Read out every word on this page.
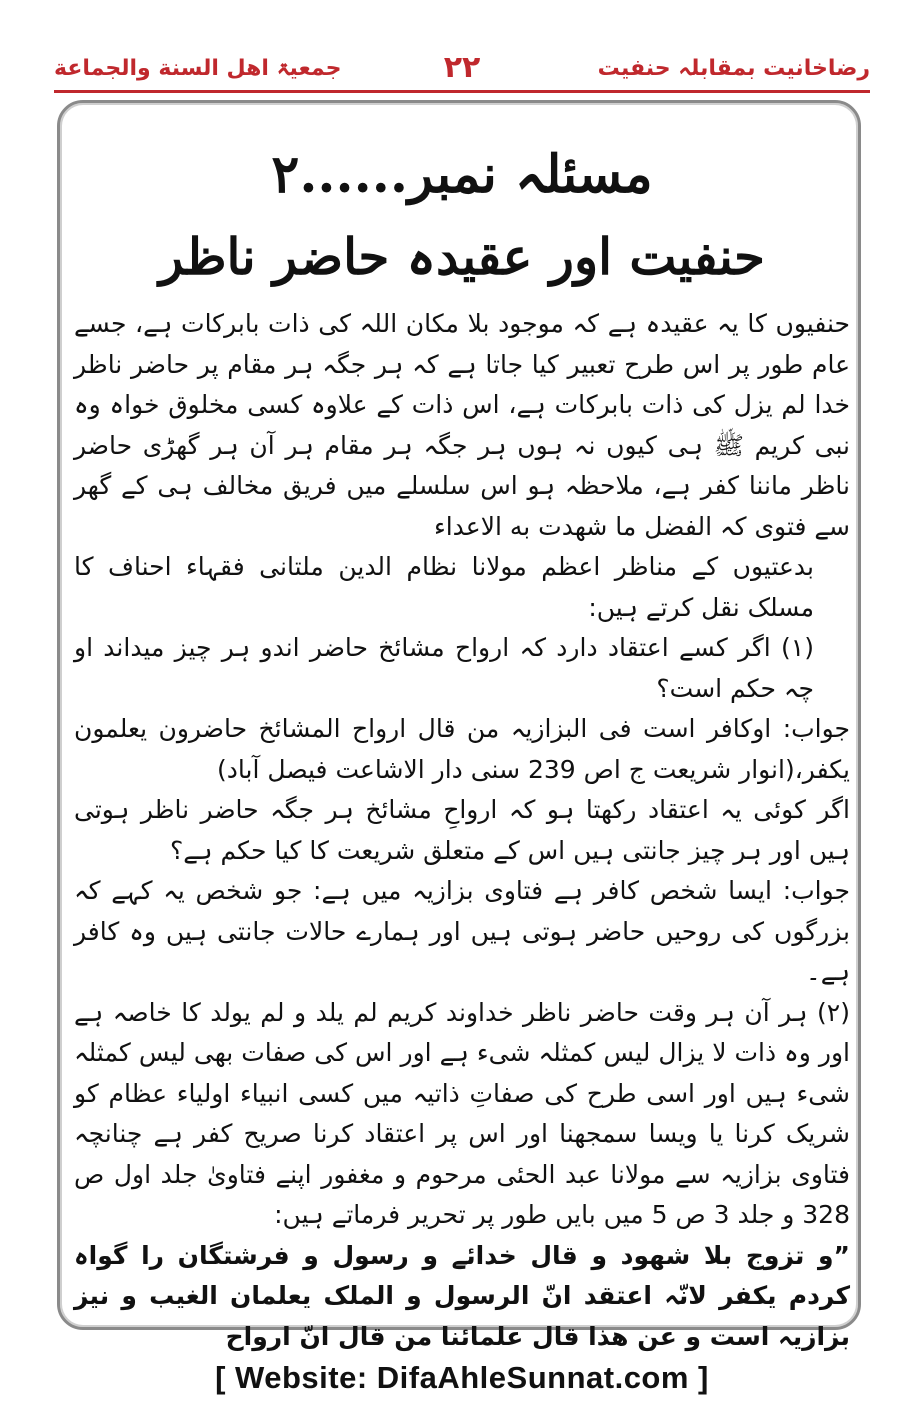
رضاخانیت بمقابلہ حنفیت
۲۲
جمعیۃ اهل السنة والجماعة
مسئلہ نمبر......۲
حنفیت اور عقیدہ حاضر ناظر

حنفیوں کا یہ عقیدہ ہے کہ موجود بلا مکان اللہ کی ذات بابرکات ہے، جسے عام طور پر اس طرح تعبیر کیا جاتا ہے کہ ہر جگہ ہر مقام پر حاضر ناظر خدا لم یزل کی ذات بابرکات ہے، اس ذات کے علاوہ کسی مخلوق خواہ وہ نبی کریم ﷺ ہی کیوں نہ ہوں ہر جگہ ہر مقام ہر آن ہر گھڑی حاضر ناظر ماننا کفر ہے، ملاحظہ ہو اس سلسلے میں فریق مخالف ہی کے گھر سے فتوی کہ الفضل ما شهدت به الاعداء

بدعتیوں کے مناظر اعظم مولانا نظام الدین ملتانی فقہاء احناف کا مسلک نقل کرتے ہیں:

(۱) اگر کسے اعتقاد دارد کہ ارواح مشائخ حاضر اندو ہر چیز میداند او چہ حکم است؟

جواب: اوکافر است فی البزازیہ من قال ارواح المشائخ حاضرون یعلمون یکفر،(انوار شریعت ج اص 239 سنی دار الاشاعت فیصل آباد)

اگر کوئی یہ اعتقاد رکھتا ہو کہ ارواحِ مشائخ ہر جگہ حاضر ناظر ہوتی ہیں اور ہر چیز جانتی ہیں اس کے متعلق شریعت کا کیا حکم ہے؟

جواب: ایسا شخص کافر ہے فتاوی بزازیہ میں ہے: جو شخص یہ کہے کہ بزرگوں کی روحیں حاضر ہوتی ہیں اور ہمارے حالات جانتی ہیں وہ کافر ہے۔

(۲) ہر آن ہر وقت حاضر ناظر خداوند کریم لم یلد و لم یولد کا خاصہ ہے اور وہ ذات لا یزال لیس کمثلہ شیء ہے اور اس کی صفات بھی لیس کمثلہ شیء ہیں اور اسی طرح کی صفاتِ ذاتیہ میں کسی انبیاء اولیاء عظام کو شریک کرنا یا ویسا سمجھنا اور اس پر اعتقاد کرنا صریح کفر ہے چنانچہ فتاوی بزازیہ سے مولانا عبد الحئی مرحوم و مغفور اپنے فتاویٰ جلد اول ص 328 و جلد 3 ص 5 میں بایں طور پر تحریر فرماتے ہیں:

”و تزوج بلا شهود و قال خدائے و رسول و فرشتگان را گواہ کردم یکفر لانّہ اعتقد انّ الرسول و الملک یعلمان الغیب و نیز بزازیہ است و عن هذا قال علمائنا من قال انّ ارواح

[ Website: DifaAhleSunnat.com ]
